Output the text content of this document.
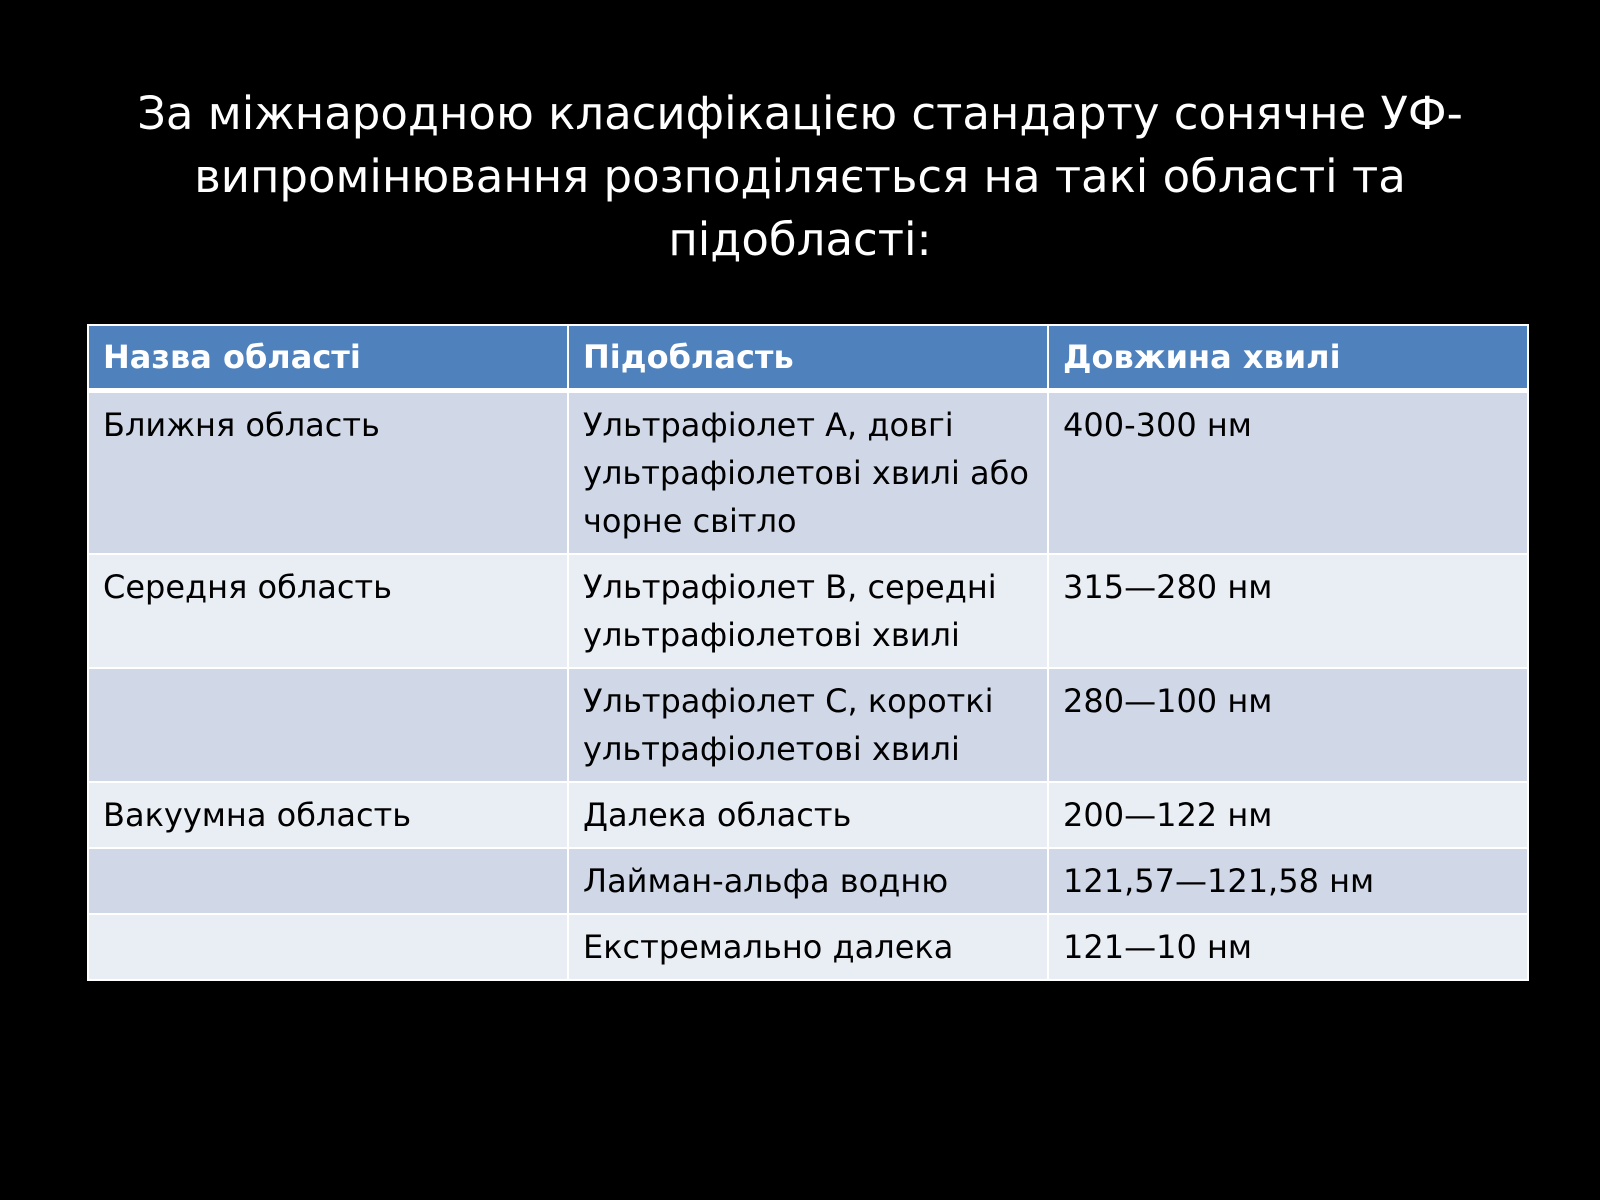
За міжнародною класифікацією стандарту сонячне УФ-
випромінювання розподіляється на такі області та підобласті:
Назва області	Підобласть	Довжина хвилі
Ближня область	Ультрафіолет A, довгі ультрафіолетові хвилі або чорне світло	400-300 нм
Середня область	Ультрафіолет B, середні ультрафіолетові хвилі	315—280 нм
	Ультрафіолет С, короткі ультрафіолетові хвилі	280—100 нм
Вакуумна область	Далека область	200—122 нм
	Лайман-альфа водню	121,57—121,58 нм
	Екстремально далека	121—10 нм
